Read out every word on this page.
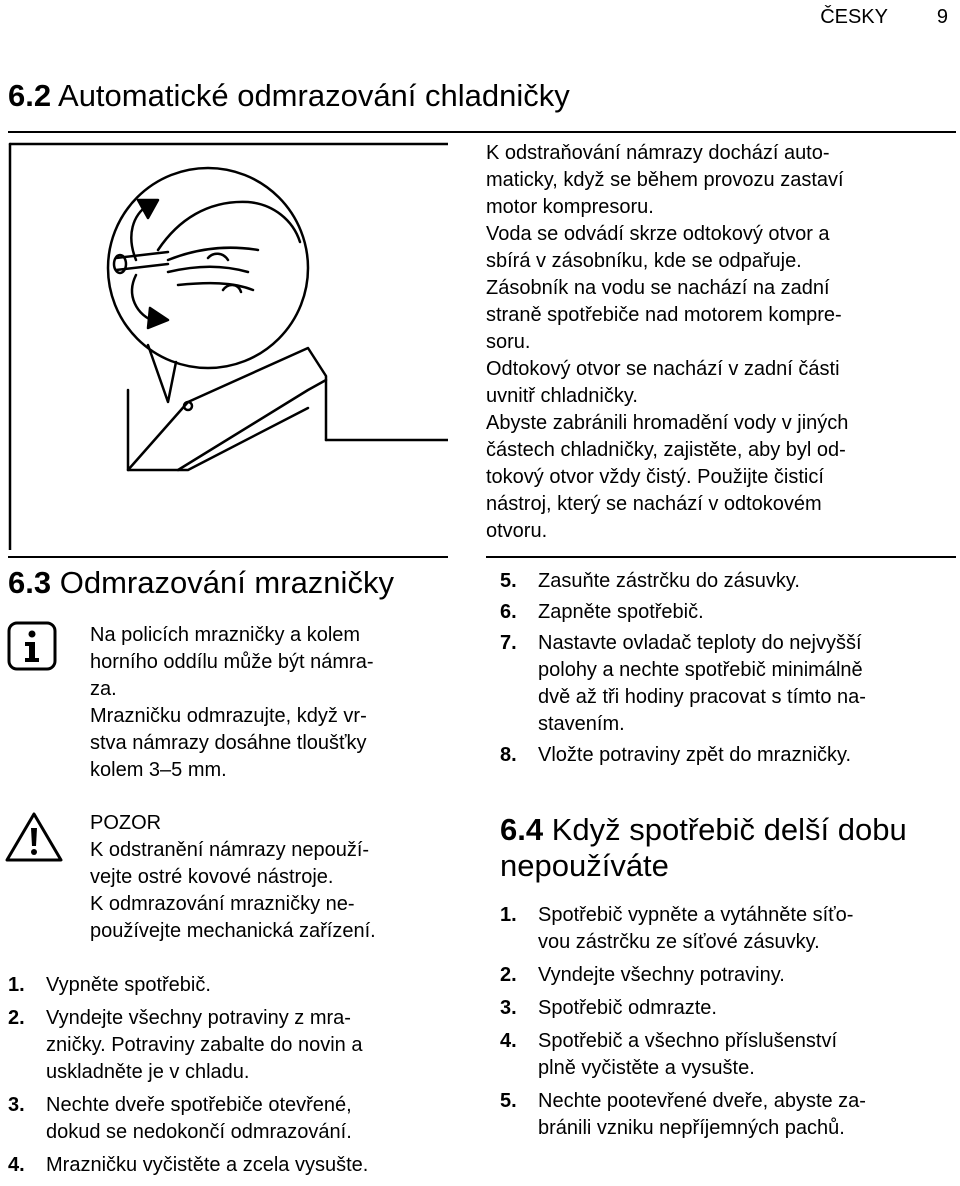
ČESKY 9
6.2 Automatické odmrazování chladničky

K odstraňování námrazy dochází auto-
maticky, když se během provozu zastaví
motor kompresoru.

Voda se odvádí skrze odtokový otvor a
sbírá v zásobníku, kde se odpařuje.

Zásobník na vodu se nachází na zadní
straně spotřebiče nad motorem kompre-
soru.

Odtokový otvor se nachází v zadní části
uvnitř chladničky.

Abyste zabránili hromadění vody v jiných
částech chladničky, zajistěte, aby byl od-
tokový otvor vždy čistý. Použijte čisticí
nástroj, který se nachází v odtokovém
otvoru.

6.3 Odmrazování mrazničky
Na policích mrazničky a kolem
horního oddílu může být námra-
za.
Mrazničku odmrazujte, když vr-
stva námrazy dosáhne tloušťky
kolem 3–5 mm.

POZOR

K odstranění námrazy nepouží-
vejte ostré kovové nástroje.
K odmrazování mrazničky ne-
používejte mechanická zařízení.

1. Vypněte spotřebič.
2. Vyndejte všechny potraviny z mra-
zničky. Potraviny zabalte do novin a
uskladněte je v chladu.
3. Nechte dveře spotřebiče otevřené,
dokud se nedokončí odmrazování.
4. Mrazničku vyčistěte a zcela vysušte.
5. Zasuňte zástrčku do zásuvky.
6. Zapněte spotřebič.
7. Nastavte ovladač teploty do nejvyšší
polohy a nechte spotřebič minimálně
dvě až tři hodiny pracovat s tímto na-
stavením.
8. Vložte potraviny zpět do mrazničky.
6.4 Když spotřebič delší dobu
nepoužíváte
1. Spotřebič vypněte a vytáhněte síťo-
vou zástrčku ze síťové zásuvky.
2. Vyndejte všechny potraviny.
3. Spotřebič odmrazte.
4. Spotřebič a všechno příslušenství
plně vyčistěte a vysušte.
5. Nechte pootevřené dveře, abyste za-
bránili vzniku nepříjemných pachů.
